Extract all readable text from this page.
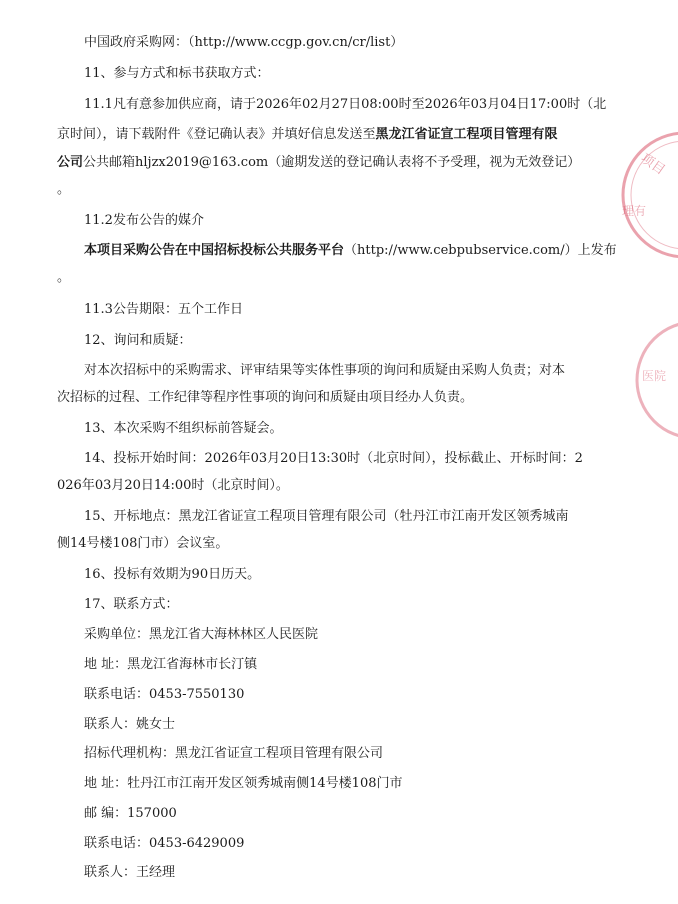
项目
理有
医院
中国政府采购网：（http://www.ccgp.gov.cn/cr/list）
11、参与方式和标书获取方式：
11.1凡有意参加供应商，请于2026年02月27日08:00时至2026年03月04日17:00时（北
京时间），请下载附件《登记确认表》并填好信息发送至黑龙江省证宣工程项目管理有限
公司公共邮箱hljzx2019@163.com（逾期发送的登记确认表将不予受理，视为无效登记）
。
11.2发布公告的媒介
本项目采购公告在中国招标投标公共服务平台（http://www.cebpubservice.com/）上发布
。
11.3公告期限：五个工作日
12、询问和质疑：
对本次招标中的采购需求、评审结果等实体性事项的询问和质疑由采购人负责；对本
次招标的过程、工作纪律等程序性事项的询问和质疑由项目经办人负责。
13、本次采购不组织标前答疑会。
14、投标开始时间：2026年03月20日13:30时（北京时间），投标截止、开标时间：2
026年03月20日14:00时（北京时间）。
15、开标地点：黑龙江省证宣工程项目管理有限公司（牡丹江市江南开发区领秀城南
侧14号楼108门市）会议室。
16、投标有效期为90日历天。
17、联系方式：
采购单位：黑龙江省大海林林区人民医院
地 址：黑龙江省海林市长汀镇
联系电话：0453-7550130
联系人：姚女士
招标代理机构：黑龙江省证宣工程项目管理有限公司
地 址：牡丹江市江南开发区领秀城南侧14号楼108门市
邮 编：157000
联系电话：0453-6429009
联系人：王经理
